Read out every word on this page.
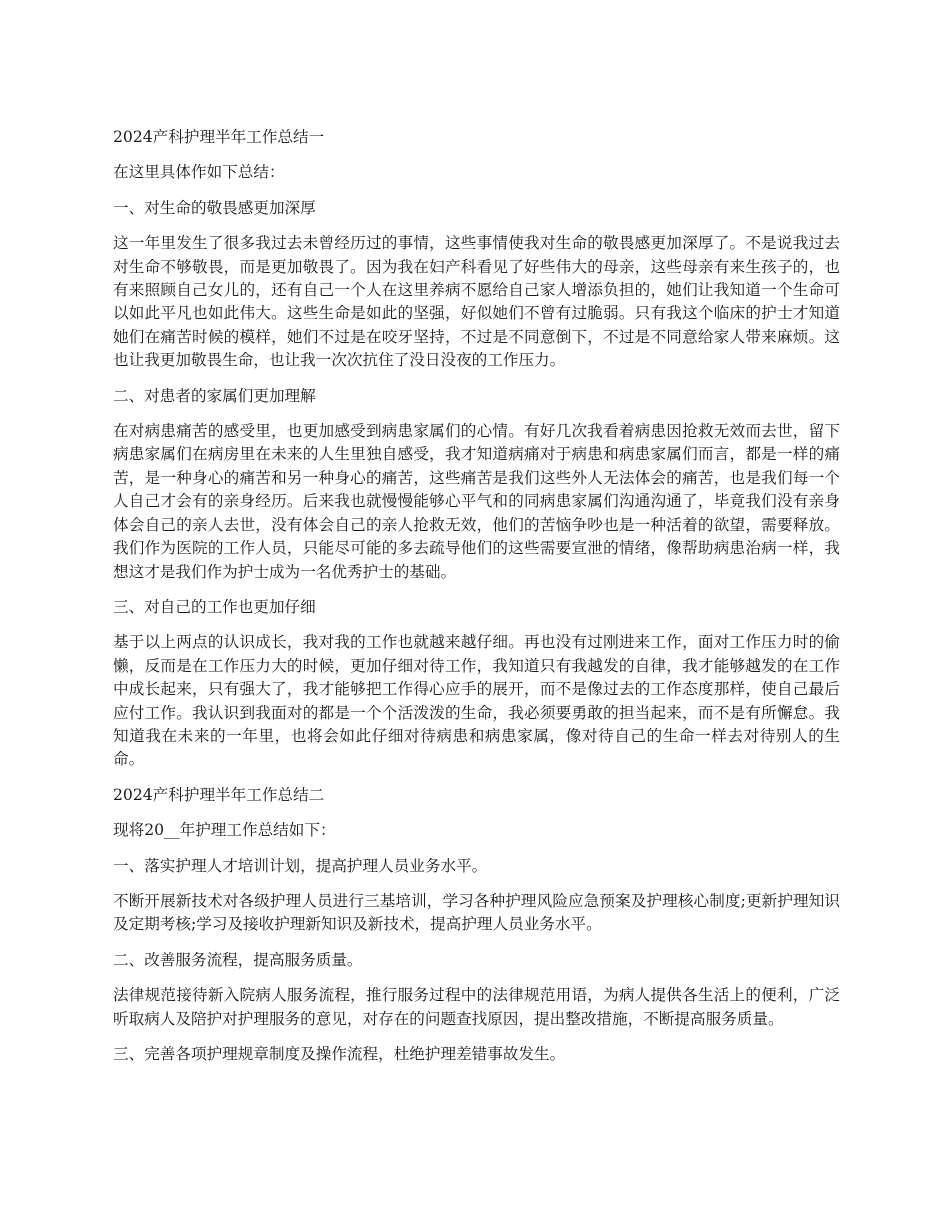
2024产科护理半年工作总结一

在这里具体作如下总结：

一、对生命的敬畏感更加深厚

这一年里发生了很多我过去未曾经历过的事情，这些事情使我对生命的敬畏感更加深厚了。不是说我过去对生命不够敬畏，而是更加敬畏了。因为我在妇产科看见了好些伟大的母亲，这些母亲有来生孩子的，也有来照顾自己女儿的，还有自己一个人在这里养病不愿给自己家人增添负担的，她们让我知道一个生命可以如此平凡也如此伟大。这些生命是如此的坚强，好似她们不曾有过脆弱。只有我这个临床的护士才知道她们在痛苦时候的模样，她们不过是在咬牙坚持，不过是不同意倒下，不过是不同意给家人带来麻烦。这也让我更加敬畏生命，也让我一次次抗住了没日没夜的工作压力。

二、对患者的家属们更加理解

在对病患痛苦的感受里，也更加感受到病患家属们的心情。有好几次我看着病患因抢救无效而去世，留下病患家属们在病房里在未来的人生里独自感受，我才知道病痛对于病患和病患家属们而言，都是一样的痛苦，是一种身心的痛苦和另一种身心的痛苦，这些痛苦是我们这些外人无法体会的痛苦，也是我们每一个人自己才会有的亲身经历。后来我也就慢慢能够心平气和的同病患家属们沟通沟通了，毕竟我们没有亲身体会自己的亲人去世，没有体会自己的亲人抢救无效，他们的苦恼争吵也是一种活着的欲望，需要释放。我们作为医院的工作人员，只能尽可能的多去疏导他们的这些需要宣泄的情绪，像帮助病患治病一样，我想这才是我们作为护士成为一名优秀护士的基础。

三、对自己的工作也更加仔细

基于以上两点的认识成长，我对我的工作也就越来越仔细。再也没有过刚进来工作，面对工作压力时的偷懒，反而是在工作压力大的时候，更加仔细对待工作，我知道只有我越发的自律，我才能够越发的在工作中成长起来，只有强大了，我才能够把工作得心应手的展开，而不是像过去的工作态度那样，使自己最后应付工作。我认识到我面对的都是一个个活泼泼的生命，我必须要勇敢的担当起来，而不是有所懈怠。我知道我在未来的一年里，也将会如此仔细对待病患和病患家属，像对待自己的生命一样去对待别人的生命。

2024产科护理半年工作总结二

现将20__年护理工作总结如下：

一、落实护理人才培训计划，提高护理人员业务水平。

不断开展新技术对各级护理人员进行三基培训，学习各种护理风险应急预案及护理核心制度;更新护理知识及定期考核;学习及接收护理新知识及新技术，提高护理人员业务水平。

二、改善服务流程，提高服务质量。

法律规范接待新入院病人服务流程，推行服务过程中的法律规范用语，为病人提供各生活上的便利，广泛听取病人及陪护对护理服务的意见，对存在的问题查找原因，提出整改措施，不断提高服务质量。

三、完善各项护理规章制度及操作流程，杜绝护理差错事故发生。
